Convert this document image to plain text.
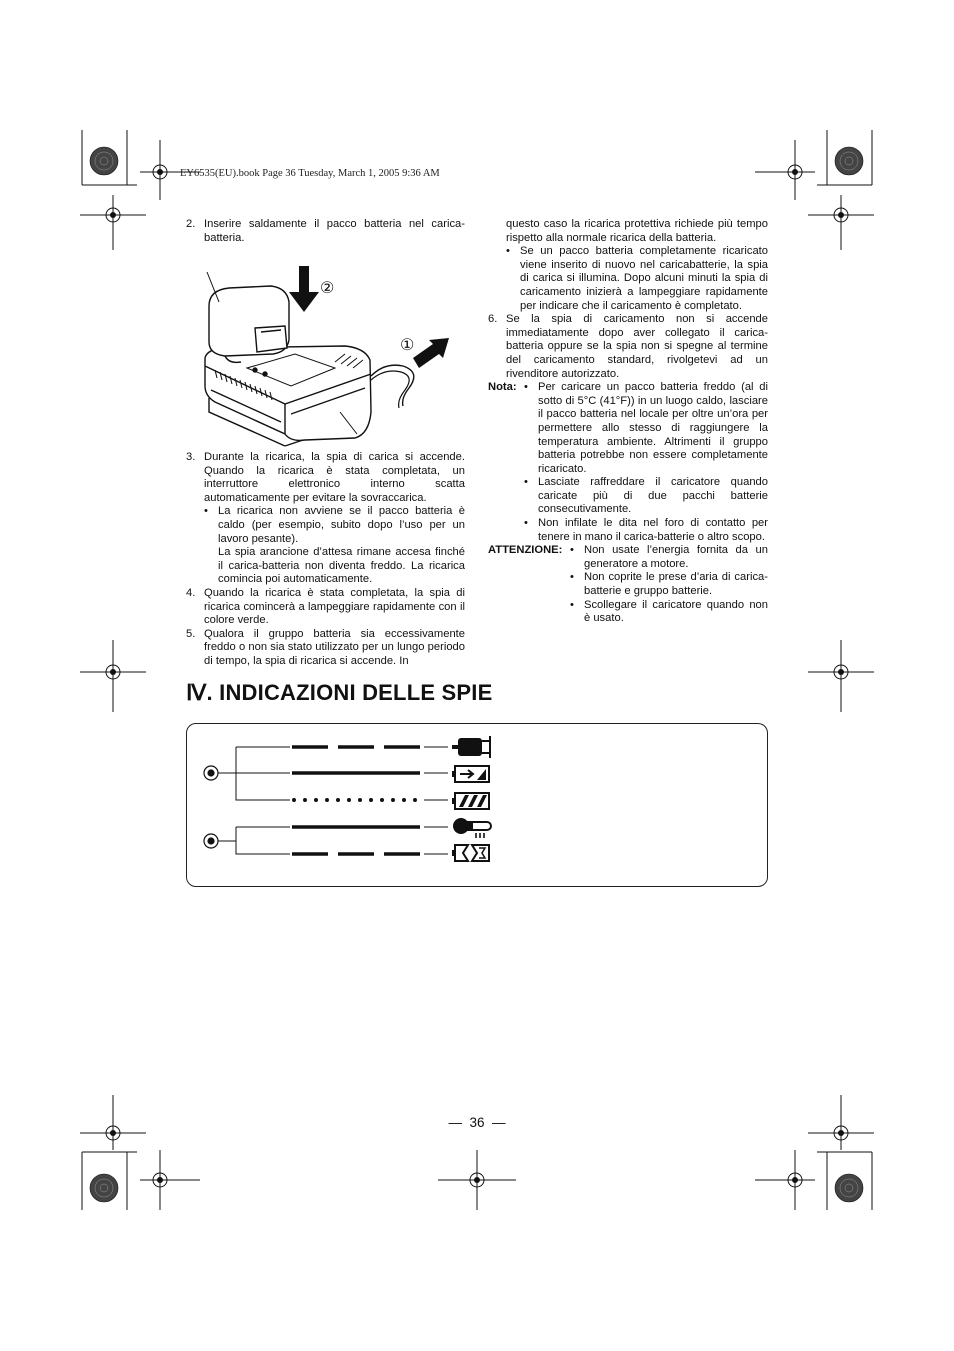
EY6535(EU).book Page 36 Tuesday, March 1, 2005 9:36 AM
2. Inserire saldamente il pacco batteria nel carica-batteria.
②
①
3. Durante la ricarica, la spia di carica si accende. Quando la ricarica è stata completata, un interruttore elettronico interno scatta automaticamente per evitare la sovraccarica.
• La ricarica non avviene se il pacco batteria è caldo (per esempio, subito dopo l’uso per un lavoro pesante).
La spia arancione d’attesa rimane accesa finché il carica-batteria non diventa freddo. La ricarica comincia poi automaticamente.
4. Quando la ricarica è stata completata, la spia di ricarica comincerà a lampeggiare rapidamente con il colore verde.
5. Qualora il gruppo batteria sia eccessivamente freddo o non sia stato utilizzato per un lungo periodo di tempo, la spia di ricarica si accende. In
questo caso la ricarica protettiva richiede più tempo rispetto alla normale ricarica della batteria.
• Se un pacco batteria completamente ricaricato viene inserito di nuovo nel caricabatterie, la spia di carica si illumina. Dopo alcuni minuti la spia di caricamento inizierà a lampeggiare rapidamente per indicare che il caricamento è completato.
6. Se la spia di caricamento non si accende immediatamente dopo aver collegato il carica-batteria oppure se la spia non si spegne al termine del caricamento standard, rivolgetevi ad un rivenditore autorizzato.
Nota: • Per caricare un pacco batteria freddo (al di sotto di 5°C (41°F)) in un luogo caldo, lasciare il pacco batteria nel locale per oltre un’ora per permettere allo stesso di raggiungere la temperatura ambiente. Altrimenti il gruppo batteria potrebbe non essere completamente ricaricato.
• Lasciate raffreddare il caricatore quando caricate più di due pacchi batterie consecutivamente.
• Non infilate le dita nel foro di contatto per tenere in mano il carica-batterie o altro scopo.
ATTENZIONE: • Non usate l’energia fornita da un generatore a motore.
• Non coprite le prese d’aria di carica-batterie e gruppo batterie.
• Scollegare il caricatore quando non è usato.
Ⅳ. INDICAZIONI DELLE SPIE
— 36 —
